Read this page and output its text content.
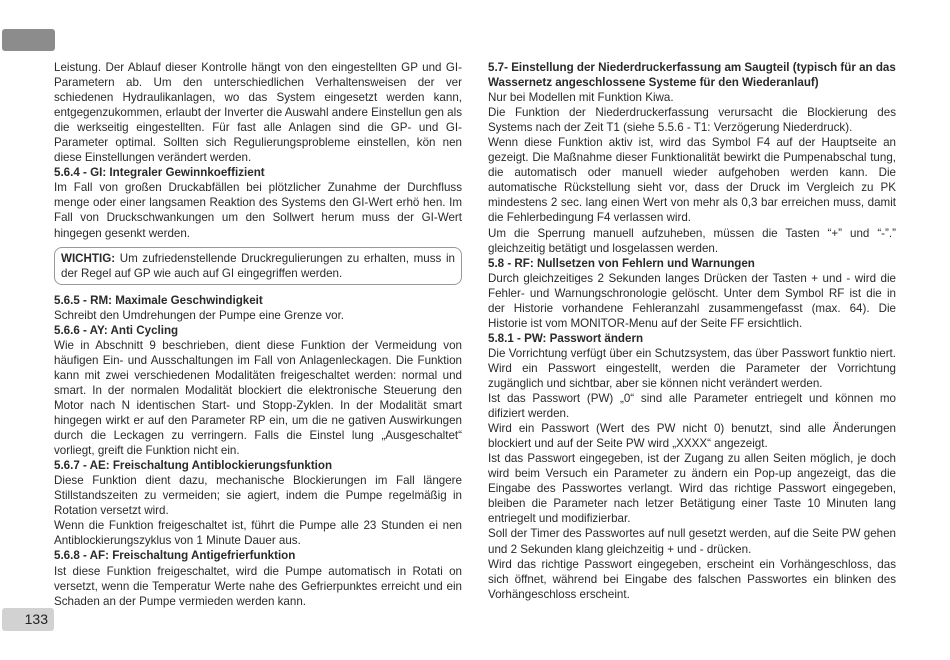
Leistung. Der Ablauf dieser Kontrolle hängt von den eingestellten GP und GI-Parametern ab. Um den unterschiedlichen Verhaltensweisen der ver schiedenen Hydraulikanlagen, wo das System eingesetzt werden kann, entgegenzukommen, erlaubt der Inverter die Auswahl andere Einstellun gen als die werkseitig eingestellten. Für fast alle Anlagen sind die GP- und GI-Parameter optimal. Sollten sich Regulierungsprobleme einstellen, kön nen diese Einstellungen verändert werden.

5.6.4 - GI: Integraler Gewinnkoeffizient

Im Fall von großen Druckabfällen bei plötzlicher Zunahme der Durchfluss menge oder einer langsamen Reaktion des Systems den GI-Wert erhö hen. Im Fall von Druckschwankungen um den Sollwert herum muss der GI-Wert hingegen gesenkt werden.

WICHTIG: Um zufriedenstellende Druckregulierungen zu erhalten, muss in der Regel auf GP wie auch auf GI eingegriffen werden.

5.6.5 - RM: Maximale Geschwindigkeit

Schreibt den Umdrehungen der Pumpe eine Grenze vor.

5.6.6 - AY: Anti Cycling

Wie in Abschnitt 9 beschrieben, dient diese Funktion der Vermeidung von häufigen Ein- und Ausschaltungen im Fall von Anlagenleckagen. Die Funktion kann mit zwei verschiedenen Modalitäten freigeschaltet werden: normal und smart. In der normalen Modalität blockiert die elektronische Steuerung den Motor nach N identischen Start- und Stopp-Zyklen. In der Modalität smart hingegen wirkt er auf den Parameter RP ein, um die ne gativen Auswirkungen durch die Leckagen zu verringern. Falls die Einstel lung „Ausgeschaltet“ vorliegt, greift die Funktion nicht ein.

5.6.7 - AE: Freischaltung Antiblockierungsfunktion

Diese Funktion dient dazu, mechanische Blockierungen im Fall längere Stillstandszeiten zu vermeiden; sie agiert, indem die Pumpe regelmäßig in Rotation versetzt wird.

Wenn die Funktion freigeschaltet ist, führt die Pumpe alle 23 Stunden ei nen Antiblockierungszyklus von 1 Minute Dauer aus.

5.6.8 - AF: Freischaltung Antigefrierfunktion

Ist diese Funktion freigeschaltet, wird die Pumpe automatisch in Rotati on versetzt, wenn die Temperatur Werte nahe des Gefrierpunktes erreicht und ein Schaden an der Pumpe vermieden werden kann.

5.7- Einstellung der Niederdruckerfassung am Saugteil (typisch für an das Wassernetz angeschlossene Systeme für den Wiederanlauf)

Nur bei Modellen mit Funktion Kiwa.

Die Funktion der Niederdruckerfassung verursacht die Blockierung des Systems nach der Zeit T1 (siehe 5.5.6 - T1: Verzögerung Niederdruck).

Wenn diese Funktion aktiv ist, wird das Symbol F4 auf der Hauptseite an gezeigt. Die Maßnahme dieser Funktionalität bewirkt die Pumpenabschal tung, die automatisch oder manuell wieder aufgehoben werden kann. Die automatische Rückstellung sieht vor, dass der Druck im Vergleich zu PK mindestens 2 sec. lang einen Wert von mehr als 0,3 bar erreichen muss, damit die Fehlerbedingung F4 verlassen wird.

Um die Sperrung manuell aufzuheben, müssen die Tasten “+” und “-”.” gleichzeitig betätigt und losgelassen werden.

5.8 - RF: Nullsetzen von Fehlern und Warnungen

Durch gleichzeitiges 2 Sekunden langes Drücken der Tasten + und - wird die Fehler- und Warnungschronologie gelöscht. Unter dem Symbol RF ist die in der Historie vorhandene Fehleranzahl zusammengefasst (max. 64). Die Historie ist vom MONITOR-Menu auf der Seite FF ersichtlich.

5.8.1 - PW: Passwort ändern

Die Vorrichtung verfügt über ein Schutzsystem, das über Passwort funktio niert. Wird ein Passwort eingestellt, werden die Parameter der Vorrichtung zugänglich und sichtbar, aber sie können nicht verändert werden.

Ist das Passwort (PW) „0“ sind alle Parameter entriegelt und können mo difiziert werden.

Wird ein Passwort (Wert des PW nicht 0) benutzt, sind alle Änderungen blockiert und auf der Seite PW wird „XXXX“ angezeigt.

Ist das Passwort eingegeben, ist der Zugang zu allen Seiten möglich, je doch wird beim Versuch ein Parameter zu ändern ein Pop-up angezeigt, das die Eingabe des Passwortes verlangt. Wird das richtige Passwort eingegeben, bleiben die Parameter nach letzer Betätigung einer Taste 10 Minuten lang entriegelt und modifizierbar.

Soll der Timer des Passwortes auf null gesetzt werden, auf die Seite PW gehen und 2 Sekunden klang gleichzeitig + und - drücken.

Wird das richtige Passwort eingegeben, erscheint ein Vorhängeschloss, das sich öffnet, während bei Eingabe des falschen Passwortes ein blinken des Vorhängeschloss erscheint.

133
